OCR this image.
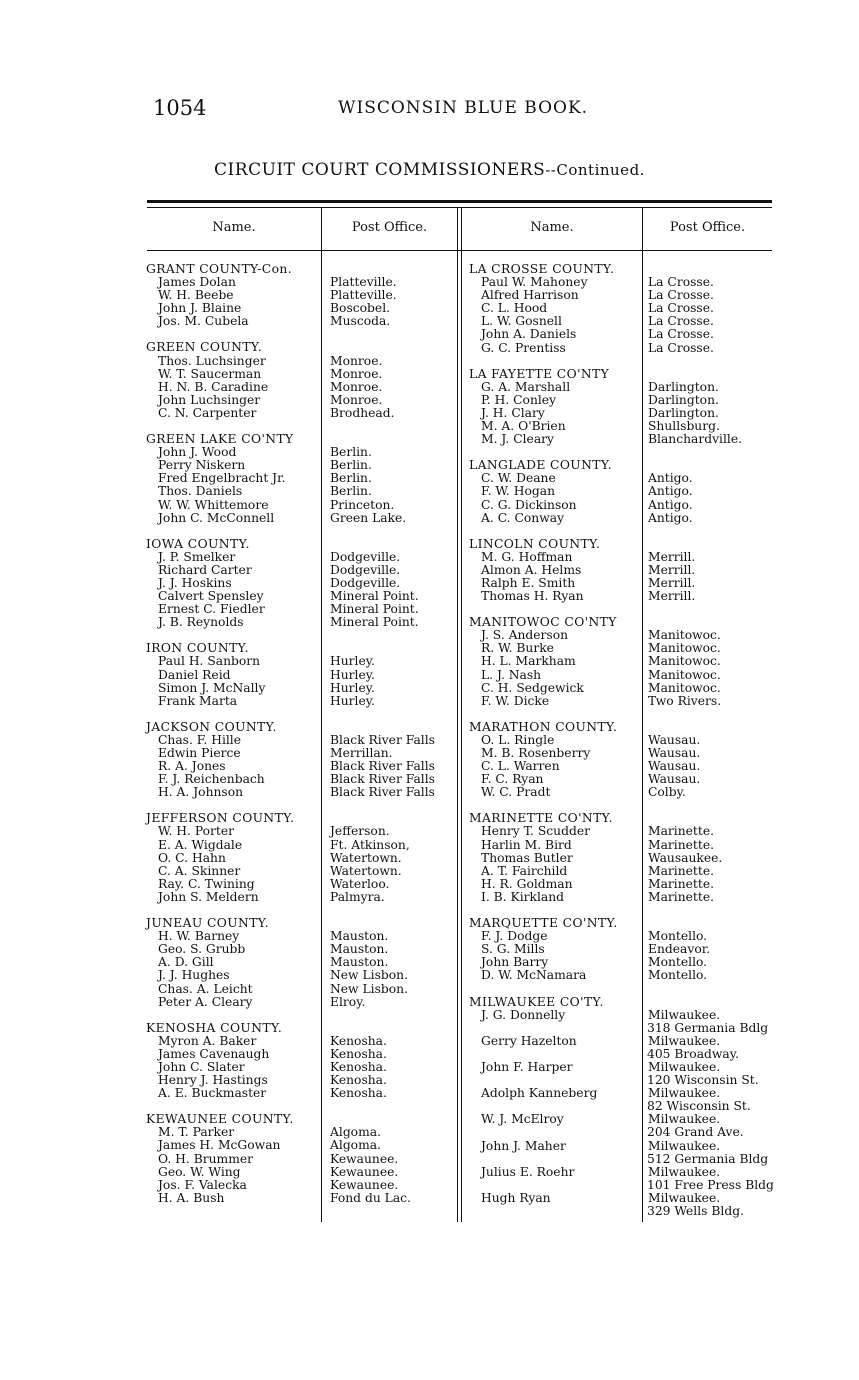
1054	WISCONSIN BLUE BOOK.
CIRCUIT COURT COMMISSIONERS--Continued.
Name.	Post Office.	Name.	Post Office.
GRANT COUNTY-Con.
James Dolan	Platteville.
W. H. Beebe	Platteville.
John J. Blaine	Boscobel.
Jos. M. Cubela	Muscoda.
GREEN COUNTY.
Thos. Luchsinger	Monroe.
W. T. Saucerman	Monroe.
H. N. B. Caradine	Monroe.
John Luchsinger	Monroe.
C. N. Carpenter	Brodhead.
GREEN LAKE CO'NTY
John J. Wood	Berlin.
Perry Niskern	Berlin.
Fred Engelbracht Jr.	Berlin.
Thos. Daniels	Berlin.
W. W. Whittemore	Princeton.
John C. McConnell	Green Lake.
IOWA COUNTY.
J. P. Smelker	Dodgeville.
Richard Carter	Dodgeville.
J. J. Hoskins	Dodgeville.
Calvert Spensley	Mineral Point.
Ernest C. Fiedler	Mineral Point.
J. B. Reynolds	Mineral Point.
IRON COUNTY.
Paul H. Sanborn	Hurley.
Daniel Reid	Hurley.
Simon J. McNally	Hurley.
Frank Marta	Hurley.
JACKSON COUNTY.
Chas. F. Hille	Black River Falls
Edwin Pierce	Merrillan.
R. A. Jones	Black River Falls
F. J. Reichenbach	Black River Falls
H. A. Johnson	Black River Falls
JEFFERSON COUNTY.
W. H. Porter	Jefferson.
E. A. Wigdale	Ft. Atkinson,
O. C. Hahn	Watertown.
C. A. Skinner	Watertown.
Ray. C. Twining	Waterloo.
John S. Meldern	Palmyra.
JUNEAU COUNTY.
H. W. Barney	Mauston.
Geo. S. Grubb	Mauston.
A. D. Gill	Mauston.
J. J. Hughes	New Lisbon.
Chas. A. Leicht	New Lisbon.
Peter A. Cleary	Elroy.
KENOSHA COUNTY.
Myron A. Baker	Kenosha.
James Cavenaugh	Kenosha.
John C. Slater	Kenosha.
Henry J. Hastings	Kenosha.
A. E. Buckmaster	Kenosha.
KEWAUNEE COUNTY.
M. T. Parker	Algoma.
James H. McGowan	Algoma.
O. H. Brummer	Kewaunee.
Geo. W. Wing	Kewaunee.
Jos. F. Valecka	Kewaunee.
H. A. Bush	Fond du Lac.
LA CROSSE COUNTY.
Paul W. Mahoney	La Crosse.
Alfred Harrison	La Crosse.
C. L. Hood	La Crosse.
L. W. Gosnell	La Crosse.
John A. Daniels	La Crosse.
G. C. Prentiss	La Crosse.
LA FAYETTE CO'NTY
G. A. Marshall	Darlington.
P. H. Conley	Darlington.
J. H. Clary	Darlington.
M. A. O'Brien	Shullsburg.
M. J. Cleary	Blanchardville.
LANGLADE COUNTY.
C. W. Deane	Antigo.
F. W. Hogan	Antigo.
C. G. Dickinson	Antigo.
A. C. Conway	Antigo.
LINCOLN COUNTY.
M. G. Hoffman	Merrill.
Almon A. Helms	Merrill.
Ralph E. Smith	Merrill.
Thomas H. Ryan	Merrill.
MANITOWOC CO'NTY
J. S. Anderson	Manitowoc.
R. W. Burke	Manitowoc.
H. L. Markham	Manitowoc.
L. J. Nash	Manitowoc.
C. H. Sedgewick	Manitowoc.
F. W. Dicke	Two Rivers.
MARATHON COUNTY.
O. L. Ringle	Wausau.
M. B. Rosenberry	Wausau.
C. L. Warren	Wausau.
F. C. Ryan	Wausau.
W. C. Pradt	Colby.
MARINETTE CO'NTY.
Henry T. Scudder	Marinette.
Harlin M. Bird	Marinette.
Thomas Butler	Wausaukee.
A. T. Fairchild	Marinette.
H. R. Goldman	Marinette.
I. B. Kirkland	Marinette.
MARQUETTE CO'NTY.
F. J. Dodge	Montello.
S. G. Mills	Endeavor.
John Barry	Montello.
D. W. McNamara	Montello.
MILWAUKEE CO'TY.
J. G. Donnelly	Milwaukee.
318 Germania Bdlg
Gerry Hazelton	Milwaukee.
405 Broadway.
John F. Harper	Milwaukee.
120 Wisconsin St.
Adolph Kanneberg	Milwaukee.
82 Wisconsin St.
W. J. McElroy	Milwaukee.
204 Grand Ave.
John J. Maher	Milwaukee.
512 Germania Bldg
Julius E. Roehr	Milwaukee.
101 Free Press Bldg
Hugh Ryan	Milwaukee.
329 Wells Bldg.
